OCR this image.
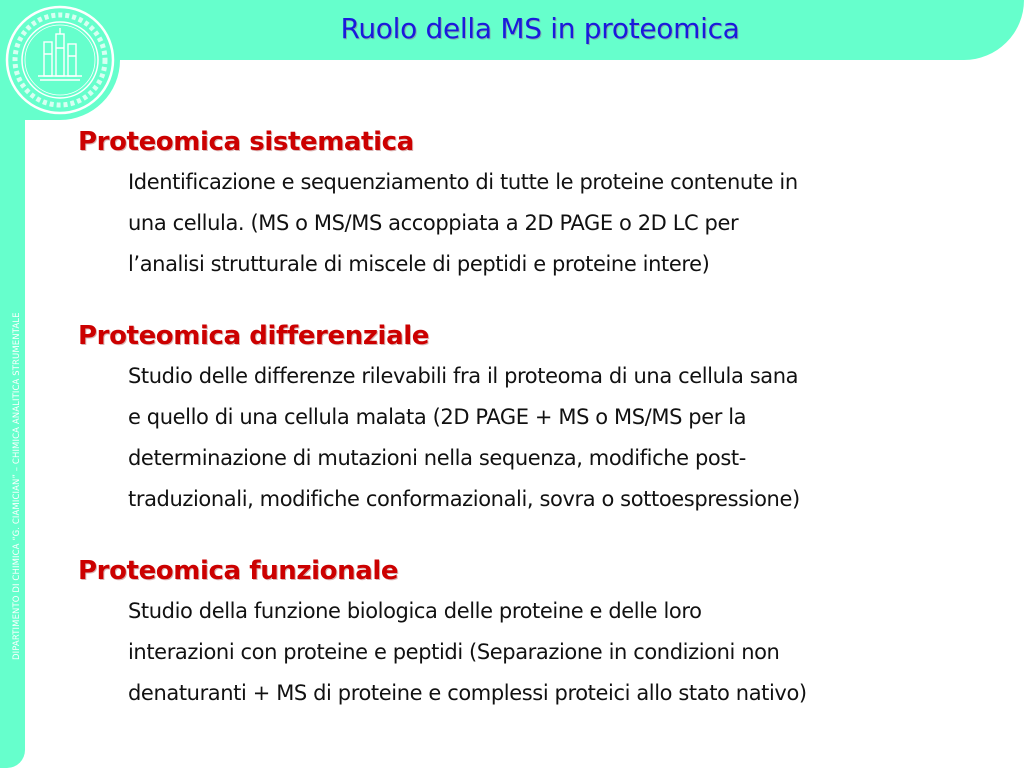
Ruolo della MS in proteomica
DIPARTIMENTO DI CHIMICA “G. CIAMICIAN” – CHIMICA ANALITICA STRUMENTALE
Proteomica sistematica

Identificazione e sequenziamento di tutte le proteine contenute in
una cellula. (MS o MS/MS accoppiata a 2D PAGE o 2D LC per
l’analisi strutturale di miscele di peptidi e proteine intere)

Proteomica differenziale

Studio delle differenze rilevabili fra il proteoma di una cellula sana
e quello di una cellula malata (2D PAGE + MS o MS/MS per la
determinazione di mutazioni nella sequenza, modifiche post-
traduzionali, modifiche conformazionali, sovra o sottoespressione)

Proteomica funzionale

Studio della funzione biologica delle proteine e delle loro
interazioni con proteine e peptidi (Separazione in condizioni non
denaturanti + MS di proteine e complessi proteici allo stato nativo)
